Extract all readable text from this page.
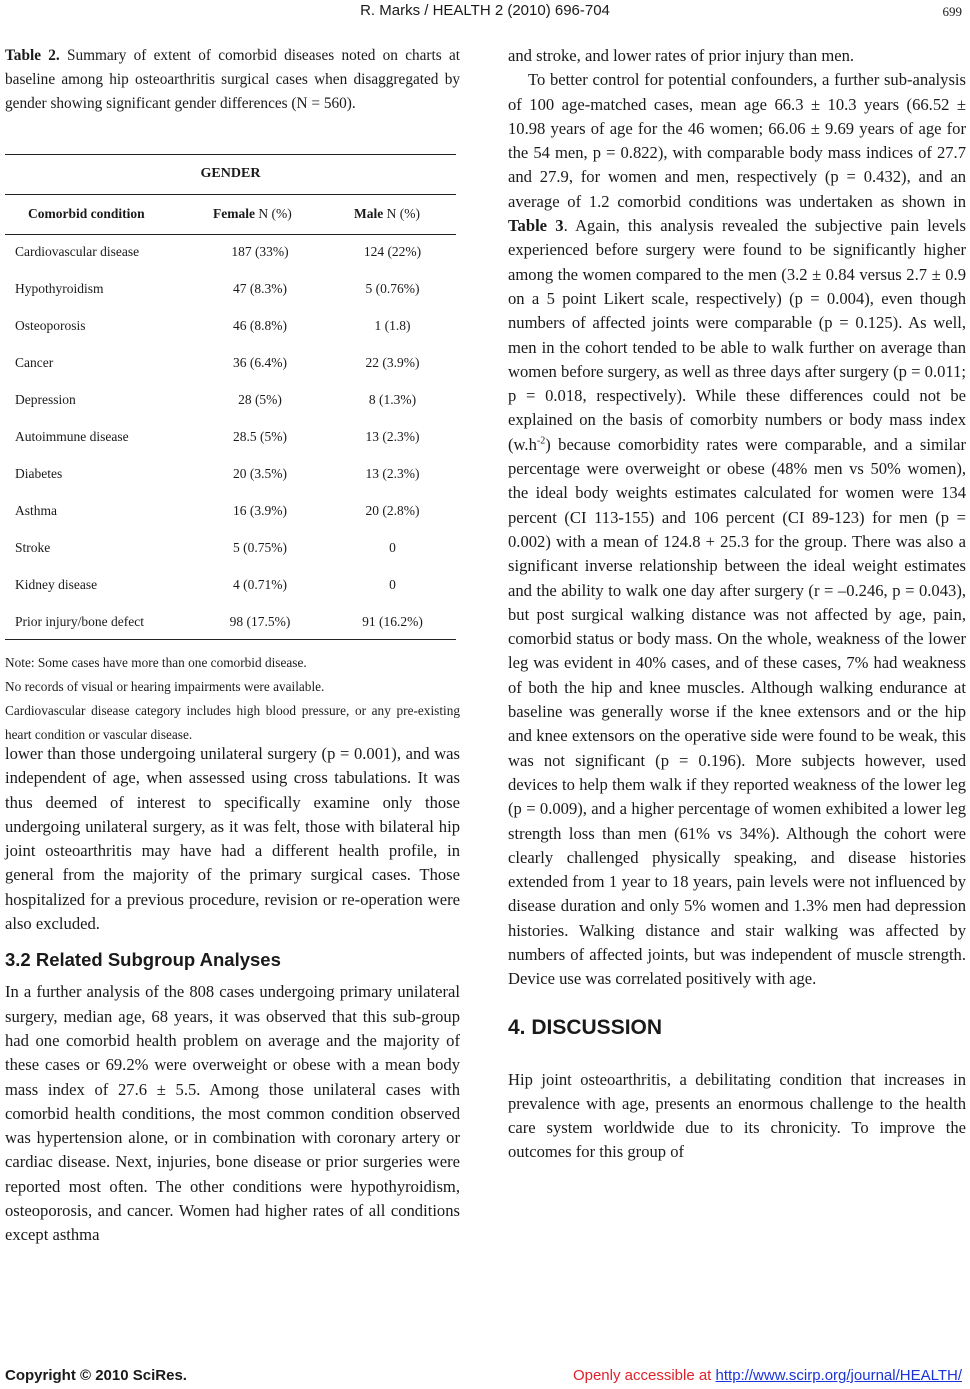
R. Marks / HEALTH 2 (2010) 696-704	699

Table 2. Summary of extent of comorbid diseases noted on charts at baseline among hip osteoarthritis surgical cases when disaggregated by gender showing significant gender differences (N = 560).

GENDER
Comorbid condition	Female N (%)	Male N (%)
Cardiovascular disease	187 (33%)	124 (22%)
Hypothyroidism	47 (8.3%)	5 (0.76%)
Osteoporosis	46 (8.8%)	1 (1.8)
Cancer	36 (6.4%)	22 (3.9%)
Depression	28 (5%)	8 (1.3%)
Autoimmune disease	28.5 (5%)	13 (2.3%)
Diabetes	20 (3.5%)	13 (2.3%)
Asthma	16 (3.9%)	20 (2.8%)
Stroke	5 (0.75%)	0
Kidney disease	4 (0.71%)	0
Prior injury/bone defect	98 (17.5%)	91 (16.2%)

Note: Some cases have more than one comorbid disease.

No records of visual or hearing impairments were available.

Cardiovascular disease category includes high blood pressure, or any pre-existing heart condition or vascular disease.

lower than those undergoing unilateral surgery (p = 0.001), and was independent of age, when assessed using cross tabulations. It was thus deemed of interest to specifically examine only those undergoing unilateral surgery, as it was felt, those with bilateral hip joint osteoarthritis may have had a different health profile, in general from the majority of the primary surgical cases. Those hospitalized for a previous procedure, revision or re-operation were also excluded.

3.2 Related Subgroup Analyses

In a further analysis of the 808 cases undergoing primary unilateral surgery, median age, 68 years, it was observed that this sub-group had one comorbid health problem on average and the majority of these cases or 69.2% were overweight or obese with a mean body mass index of 27.6 ± 5.5. Among those unilateral cases with comorbid health conditions, the most common condition observed was hypertension alone, or in combination with coronary artery or cardiac disease. Next, injuries, bone disease or prior surgeries were reported most often. The other conditions were hypothyroidism, osteoporosis, and cancer. Women had higher rates of all conditions except asthma

and stroke, and lower rates of prior injury than men.

To better control for potential confounders, a further sub-analysis of 100 age-matched cases, mean age 66.3 ± 10.3 years (66.52 ± 10.98 years of age for the 46 women; 66.06 ± 9.69 years of age for the 54 men, p = 0.822), with comparable body mass indices of 27.7 and 27.9, for women and men, respectively (p = 0.432), and an average of 1.2 comorbid conditions was undertaken as shown in Table 3. Again, this analysis revealed the subjective pain levels experienced before surgery were found to be significantly higher among the women compared to the men (3.2 ± 0.84 versus 2.7 ± 0.9 on a 5 point Likert scale, respectively) (p = 0.004), even though numbers of affected joints were comparable (p = 0.125). As well, men in the cohort tended to be able to walk further on average than women before surgery, as well as three days after surgery (p = 0.011; p = 0.018, respectively). While these differences could not be explained on the basis of comorbity numbers or body mass index $(w.h^{-2})$ because comorbidity rates were comparable, and a similar percentage were overweight or obese (48% men vs 50% women), the ideal body weights estimates calculated for women were 134 percent (CI 113-155) and 106 percent (CI 89-123) for men (p = 0.002) with a mean of 124.8 + 25.3 for the group. There was also a significant inverse relationship between the ideal weight estimates and the ability to walk one day after surgery (r = –0.246, p = 0.043), but post surgical walking distance was not affected by age, pain, comorbid status or body mass. On the whole, weakness of the lower leg was evident in 40% cases, and of these cases, 7% had weakness of both the hip and knee muscles. Although walking endurance at baseline was generally worse if the knee extensors and or the hip and knee extensors on the operative side were found to be weak, this was not significant (p = 0.196). More subjects however, used devices to help them walk if they reported weakness of the lower leg (p = 0.009), and a higher percentage of women exhibited a lower leg strength loss than men (61% vs 34%). Although the cohort were clearly challenged physically speaking, and disease histories extended from 1 year to 18 years, pain levels were not influenced by disease duration and only 5% women and 1.3% men had depression histories. Walking distance and stair walking was affected by numbers of affected joints, but was independent of muscle strength. Device use was correlated positively with age.

4. DISCUSSION

Hip joint osteoarthritis, a debilitating condition that increases in prevalence with age, presents an enormous challenge to the health care system worldwide due to its chronicity. To improve the outcomes for this group of

Copyright © 2010 SciRes.	Openly accessible at http://www.scirp.org/journal/HEALTH/
